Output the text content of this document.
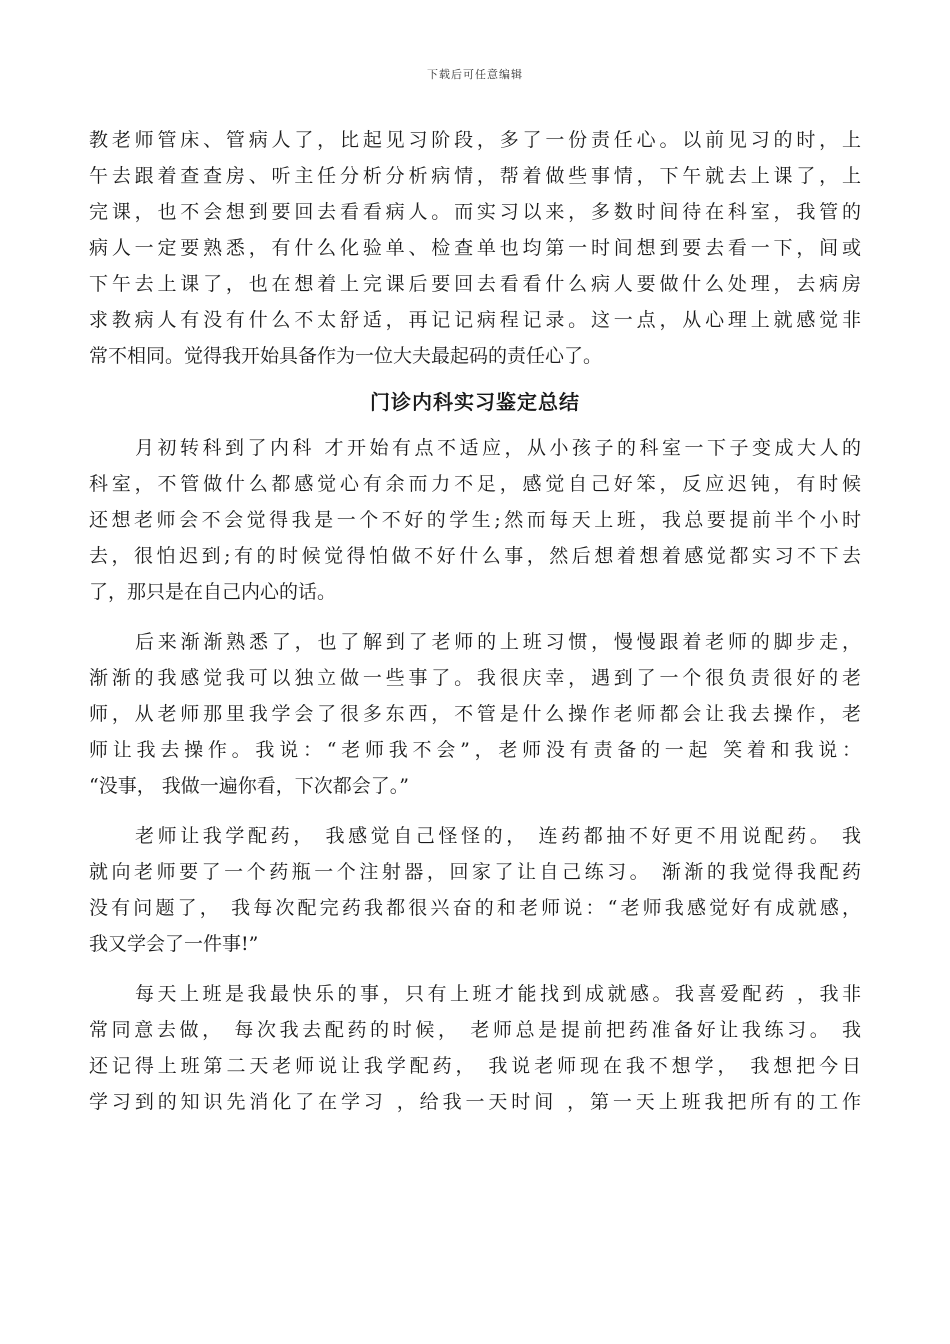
下载后可任意编辑
教老师管床、管病人了，比起见习阶段，多了一份责任心。以前见习的时，上
午去跟着查查房、听主任分析分析病情，帮着做些事情，下午就去上课了，上
完课，也不会想到要回去看看病人。而实习以来，多数时间待在科室，我管的
病人一定要熟悉，有什么化验单、检查单也均第一时间想到要去看一下，间或
下午去上课了，也在想着上完课后要回去看看什么病人要做什么处理，去病房
求教病人有没有什么不太舒适，再记记病程记录。这一点，从心理上就感觉非
常不相同。觉得我开始具备作为一位大夫最起码的责任心了。
门诊内科实习鉴定总结
月初转科到了内科 才开始有点不适应，从小孩子的科室一下子变成大人的
科室，不管做什么都感觉心有余而力不足，感觉自己好笨，反应迟钝，有时候
还想老师会不会觉得我是一个不好的学生;然而每天上班，我总要提前半个小时
去，很怕迟到;有的时候觉得怕做不好什么事，然后想着想着感觉都实习不下去
了，那只是在自己内心的话。
后来渐渐熟悉了，也了解到了老师的上班习惯，慢慢跟着老师的脚步走，
渐渐的我感觉我可以独立做一些事了。我很庆幸，遇到了一个很负责很好的老
师，从老师那里我学会了很多东西，不管是什么操作老师都会让我去操作，老
师让我去操作。我说：“老师我不会”，老师没有责备的一起 笑着和我说：
“没事， 我做一遍你看，下次都会了。”
老师让我学配药， 我感觉自己怪怪的， 连药都抽不好更不用说配药。 我
就向老师要了一个药瓶一个注射器，回家了让自己练习。 渐渐的我觉得我配药
没有问题了， 我每次配完药我都很兴奋的和老师说：“老师我感觉好有成就感，
我又学会了一件事!”
每天上班是我最快乐的事，只有上班才能找到成就感。我喜爱配药 ，我非
常同意去做， 每次我去配药的时候， 老师总是提前把药准备好让我练习。 我
还记得上班第二天老师说让我学配药， 我说老师现在我不想学， 我想把今日
学习到的知识先消化了在学习 ，给我一天时间 ，第一天上班我把所有的工作
